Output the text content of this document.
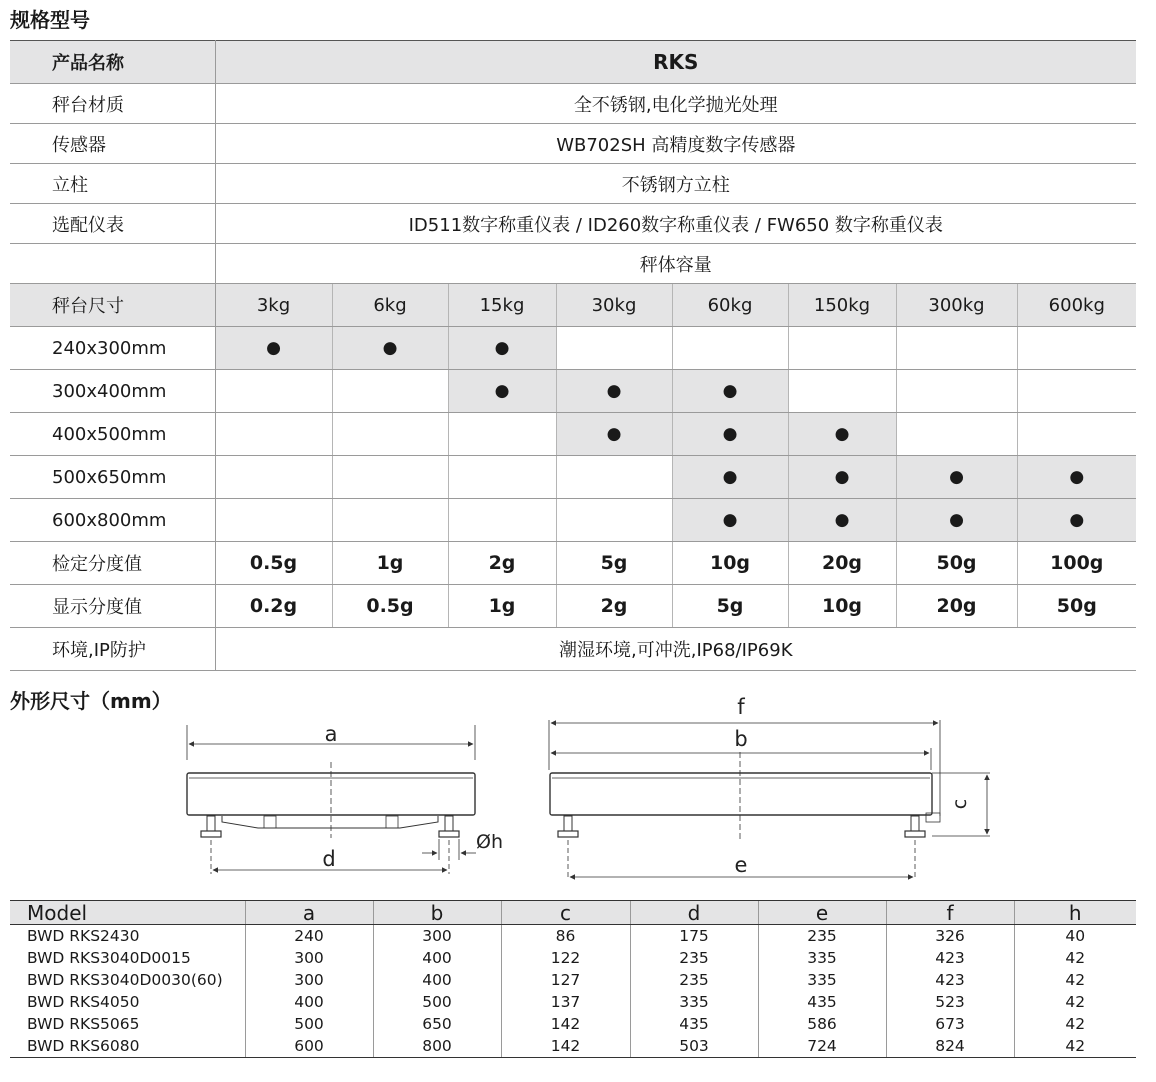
规格型号
产品名称	RKS							
秤台材质	全不锈钢,电化学抛光处理							
传感器	WB702SH 高精度数字传感器							
立柱	不锈钢方立柱							
选配仪表	ID511数字称重仪表 / ID260数字称重仪表 / FW650 数字称重仪表							
	秤体容量							
秤台尺寸	3kg	6kg	15kg	30kg	60kg	150kg	300kg	600kg
240x300mm	●	●	●					
300x400mm			●	●	●			
400x500mm				●	●	●		
500x650mm					●	●	●	●
600x800mm					●	●	●	●
检定分度值	0.5g	1g	2g	5g	10g	20g	50g	100g
显示分度值	0.2g	0.5g	1g	2g	5g	10g	20g	50g
环境,IP防护	潮湿环境,可冲洗,IP68/IP69K							
外形尺寸（mm）
a
d
Øh
f
b
e
c
Model	a	b	c	d	e	f	h
BWD RKS2430	240	300	86	175	235	326	40
BWD RKS3040D0015	300	400	122	235	335	423	42
BWD RKS3040D0030(60)	300	400	127	235	335	423	42
BWD RKS4050	400	500	137	335	435	523	42
BWD RKS5065	500	650	142	435	586	673	42
BWD RKS6080	600	800	142	503	724	824	42
